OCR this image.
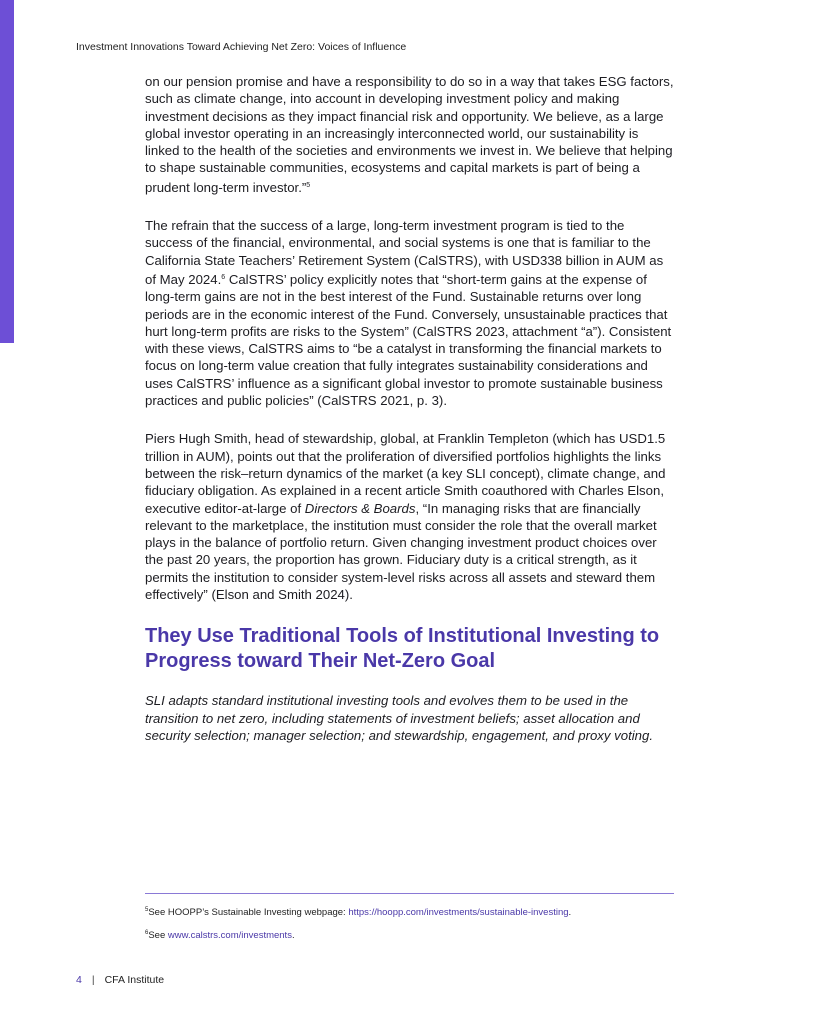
Investment Innovations Toward Achieving Net Zero: Voices of Influence

on our pension promise and have a responsibility to do so in a way that takes ESG factors, such as climate change, into account in developing investment policy and making investment decisions as they impact financial risk and opportunity. We believe, as a large global investor operating in an increasingly interconnected world, our sustainability is linked to the health of the societies and environments we invest in. We believe that helping to shape sustainable communities, ecosystems and capital markets is part of being a prudent long-term investor.”$^5$

The refrain that the success of a large, long-term investment program is tied to the success of the financial, environmental, and social systems is one that is familiar to the California State Teachers’ Retirement System (CalSTRS), with USD338 billion in AUM as of May 2024.$^6$ CalSTRS’ policy explicitly notes that “short-term gains at the expense of long-term gains are not in the best interest of the Fund. Sustainable returns over long periods are in the economic interest of the Fund. Conversely, unsustainable practices that hurt long-term profits are risks to the System” (CalSTRS 2023, attachment “a”). Consistent with these views, CalSTRS aims to “be a catalyst in transforming the financial markets to focus on long-term value creation that fully integrates sustainability considerations and uses CalSTRS’ influence as a significant global investor to promote sustainable business practices and public policies” (CalSTRS 2021, p. 3).

Piers Hugh Smith, head of stewardship, global, at Franklin Templeton (which has USD1.5 trillion in AUM), points out that the proliferation of diversified portfolios highlights the links between the risk–return dynamics of the market (a key SLI concept), climate change, and fiduciary obligation. As explained in a recent article Smith coauthored with Charles Elson, executive editor-at-large of Directors & Boards, “In managing risks that are financially relevant to the marketplace, the institution must consider the role that the overall market plays in the balance of portfolio return. Given changing investment product choices over the past 20 years, the proportion has grown. Fiduciary duty is a critical strength, as it permits the institution to consider system-level risks across all assets and steward them effectively” (Elson and Smith 2024).

They Use Traditional Tools of Institutional Investing to Progress toward Their Net-Zero Goal

SLI adapts standard institutional investing tools and evolves them to be used in the transition to net zero, including statements of investment beliefs; asset allocation and security selection; manager selection; and stewardship, engagement, and proxy voting.

$^5$See HOOPP’s Sustainable Investing webpage: https://hoopp.com/investments/sustainable-investing.

$^6$See www.calstrs.com/investments.

4 | CFA Institute
